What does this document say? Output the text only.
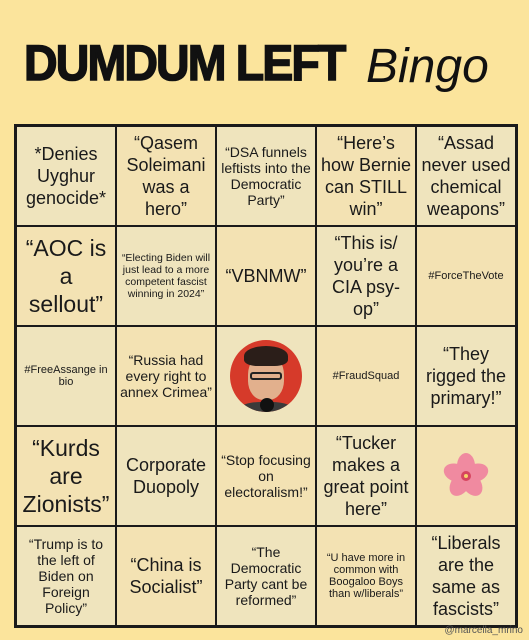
DUMDUM LEFT Bingo
*Denies Uyghur genocide*
“Qasem Soleimani was a hero”
“DSA funnels leftists into the Democratic Party”
“Here’s how Bernie can STILL win”
“Assad never used chemical weapons”
“AOC is a sellout”
“Electing Biden will just lead to a more competent fascist winning in 2024”
“VBNMW”
“This is/ you’re a CIA psy-op”
#ForceTheVote
#FreeAssange in bio
“Russia had every right to annex Crimea”
#FraudSquad
“They rigged the primary!”
“Kurds are Zionists”
Corporate Duopoly
“Stop focusing on electoralism!”
“Tucker makes a great point here”
“Trump is to the left of Biden on Foreign Policy”
“China is Socialist”
“The Democratic Party cant be reformed”
“U have more in common with Boogaloo Boys than w/liberals”
“Liberals are the same as fascists”
@marcella_mrino
